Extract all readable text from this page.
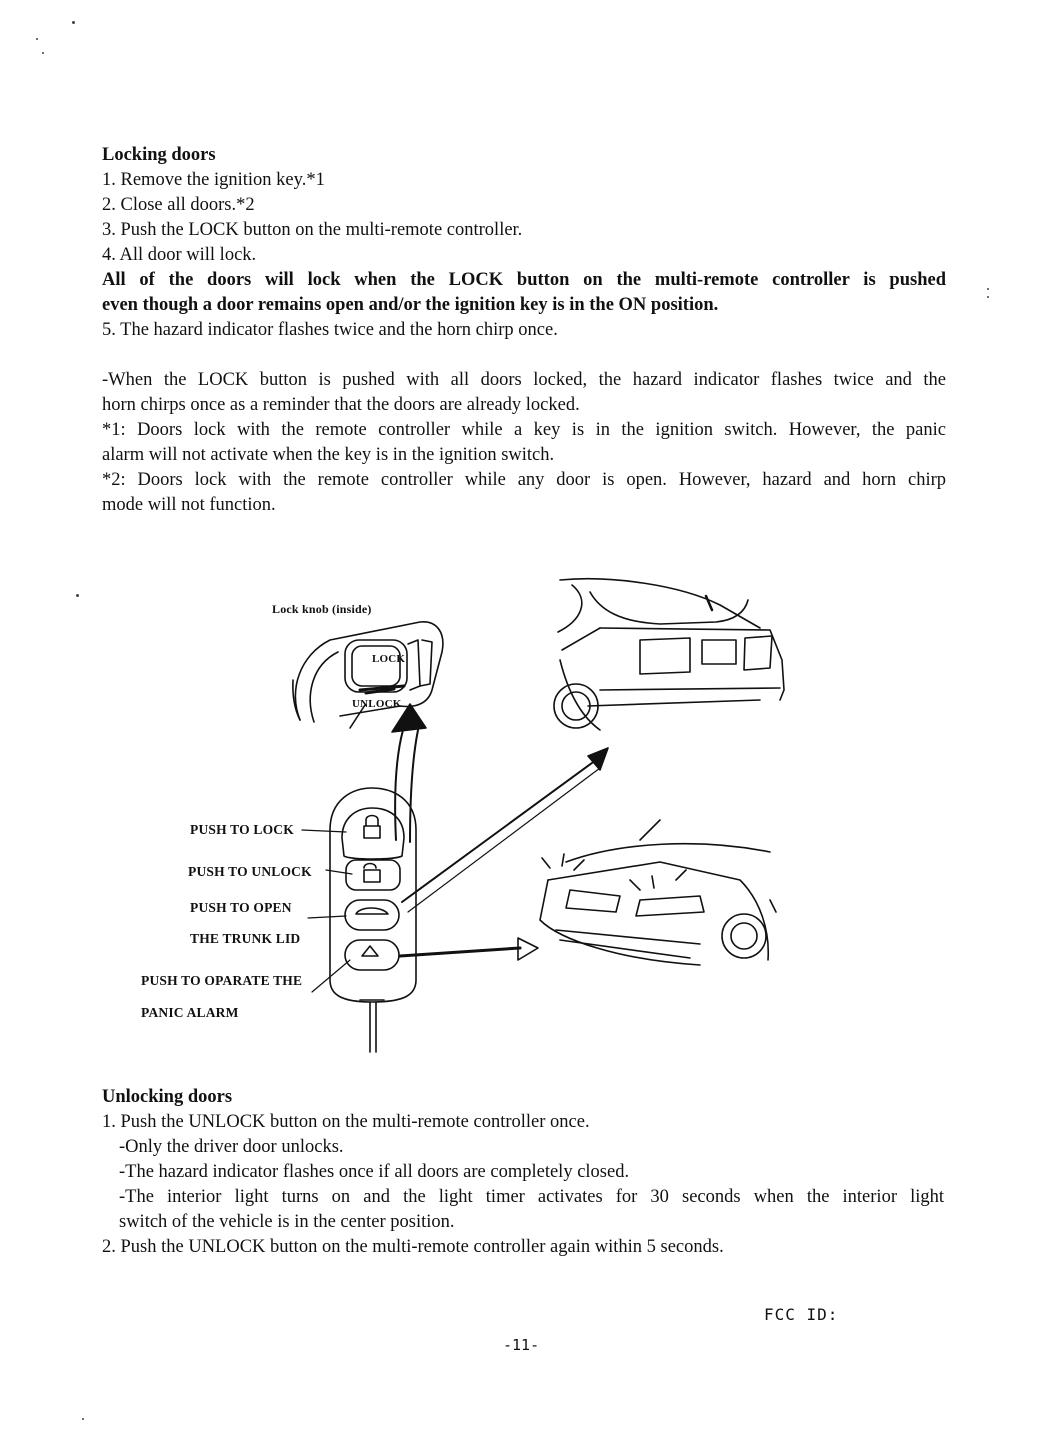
Locking doors
1. Remove the ignition key.*1
2. Close all doors.*2
3. Push the LOCK button on the multi-remote controller.
4. All door will lock.
All of the doors will lock when the LOCK button on the multi-remote controller is pushed
even though a door remains open and/or the ignition key is in the ON position.
5. The hazard indicator flashes twice and the horn chirp once.
-When the LOCK button is pushed with all doors locked, the hazard indicator flashes twice and the
horn chirps once as a reminder that the doors are already locked.
*1: Doors lock with the remote controller while a key is in the ignition switch. However, the panic
alarm will not activate when the key is in the ignition switch.
*2: Doors lock with the remote controller while any door is open. However, hazard and horn chirp
mode will not function.
Lock knob (inside)
LOCK
UNLOCK
PUSH TO LOCK
PUSH TO UNLOCK
PUSH TO OPEN
THE TRUNK LID
PUSH TO OPARATE THE
PANIC ALARM
Unlocking doors
1. Push the UNLOCK button on the multi-remote controller once.
-Only the driver door unlocks.
-The hazard indicator flashes once if all doors are completely closed.
-The interior light turns on and the light timer activates for 30 seconds when the interior light
switch of the vehicle is in the center position.
2. Push the UNLOCK button on the multi-remote controller again within 5 seconds.
FCC ID:
-11-
